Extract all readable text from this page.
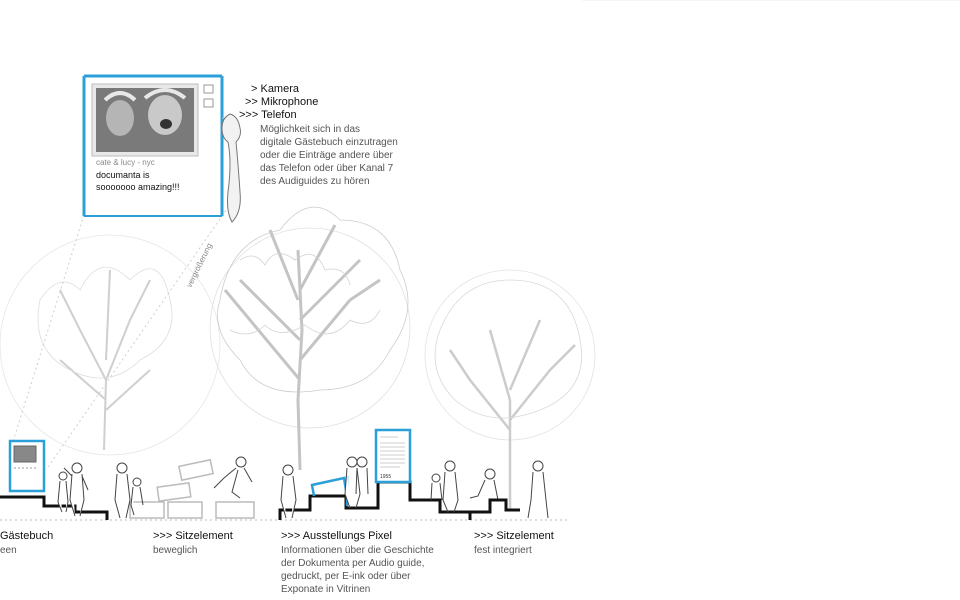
vergrößerung
1955
cate & lucy - nyc
documanta is
sooooooo amazing!!!
> Kamera
>> Mikrophone
>>> Telefon
Möglichkeit sich in das
digitale Gästebuch einzutragen
oder die Einträge andere über
das Telefon oder über Kanal 7
des Audiguides zu hören
Gästebuch
een
>>> Sitzelement
beweglich
>>> Ausstellungs Pixel
Informationen über die Geschichte
der Dokumenta per Audio guide,
gedruckt, per E-ink oder über
Exponate in Vitrinen
>>> Sitzelement
fest integriert
